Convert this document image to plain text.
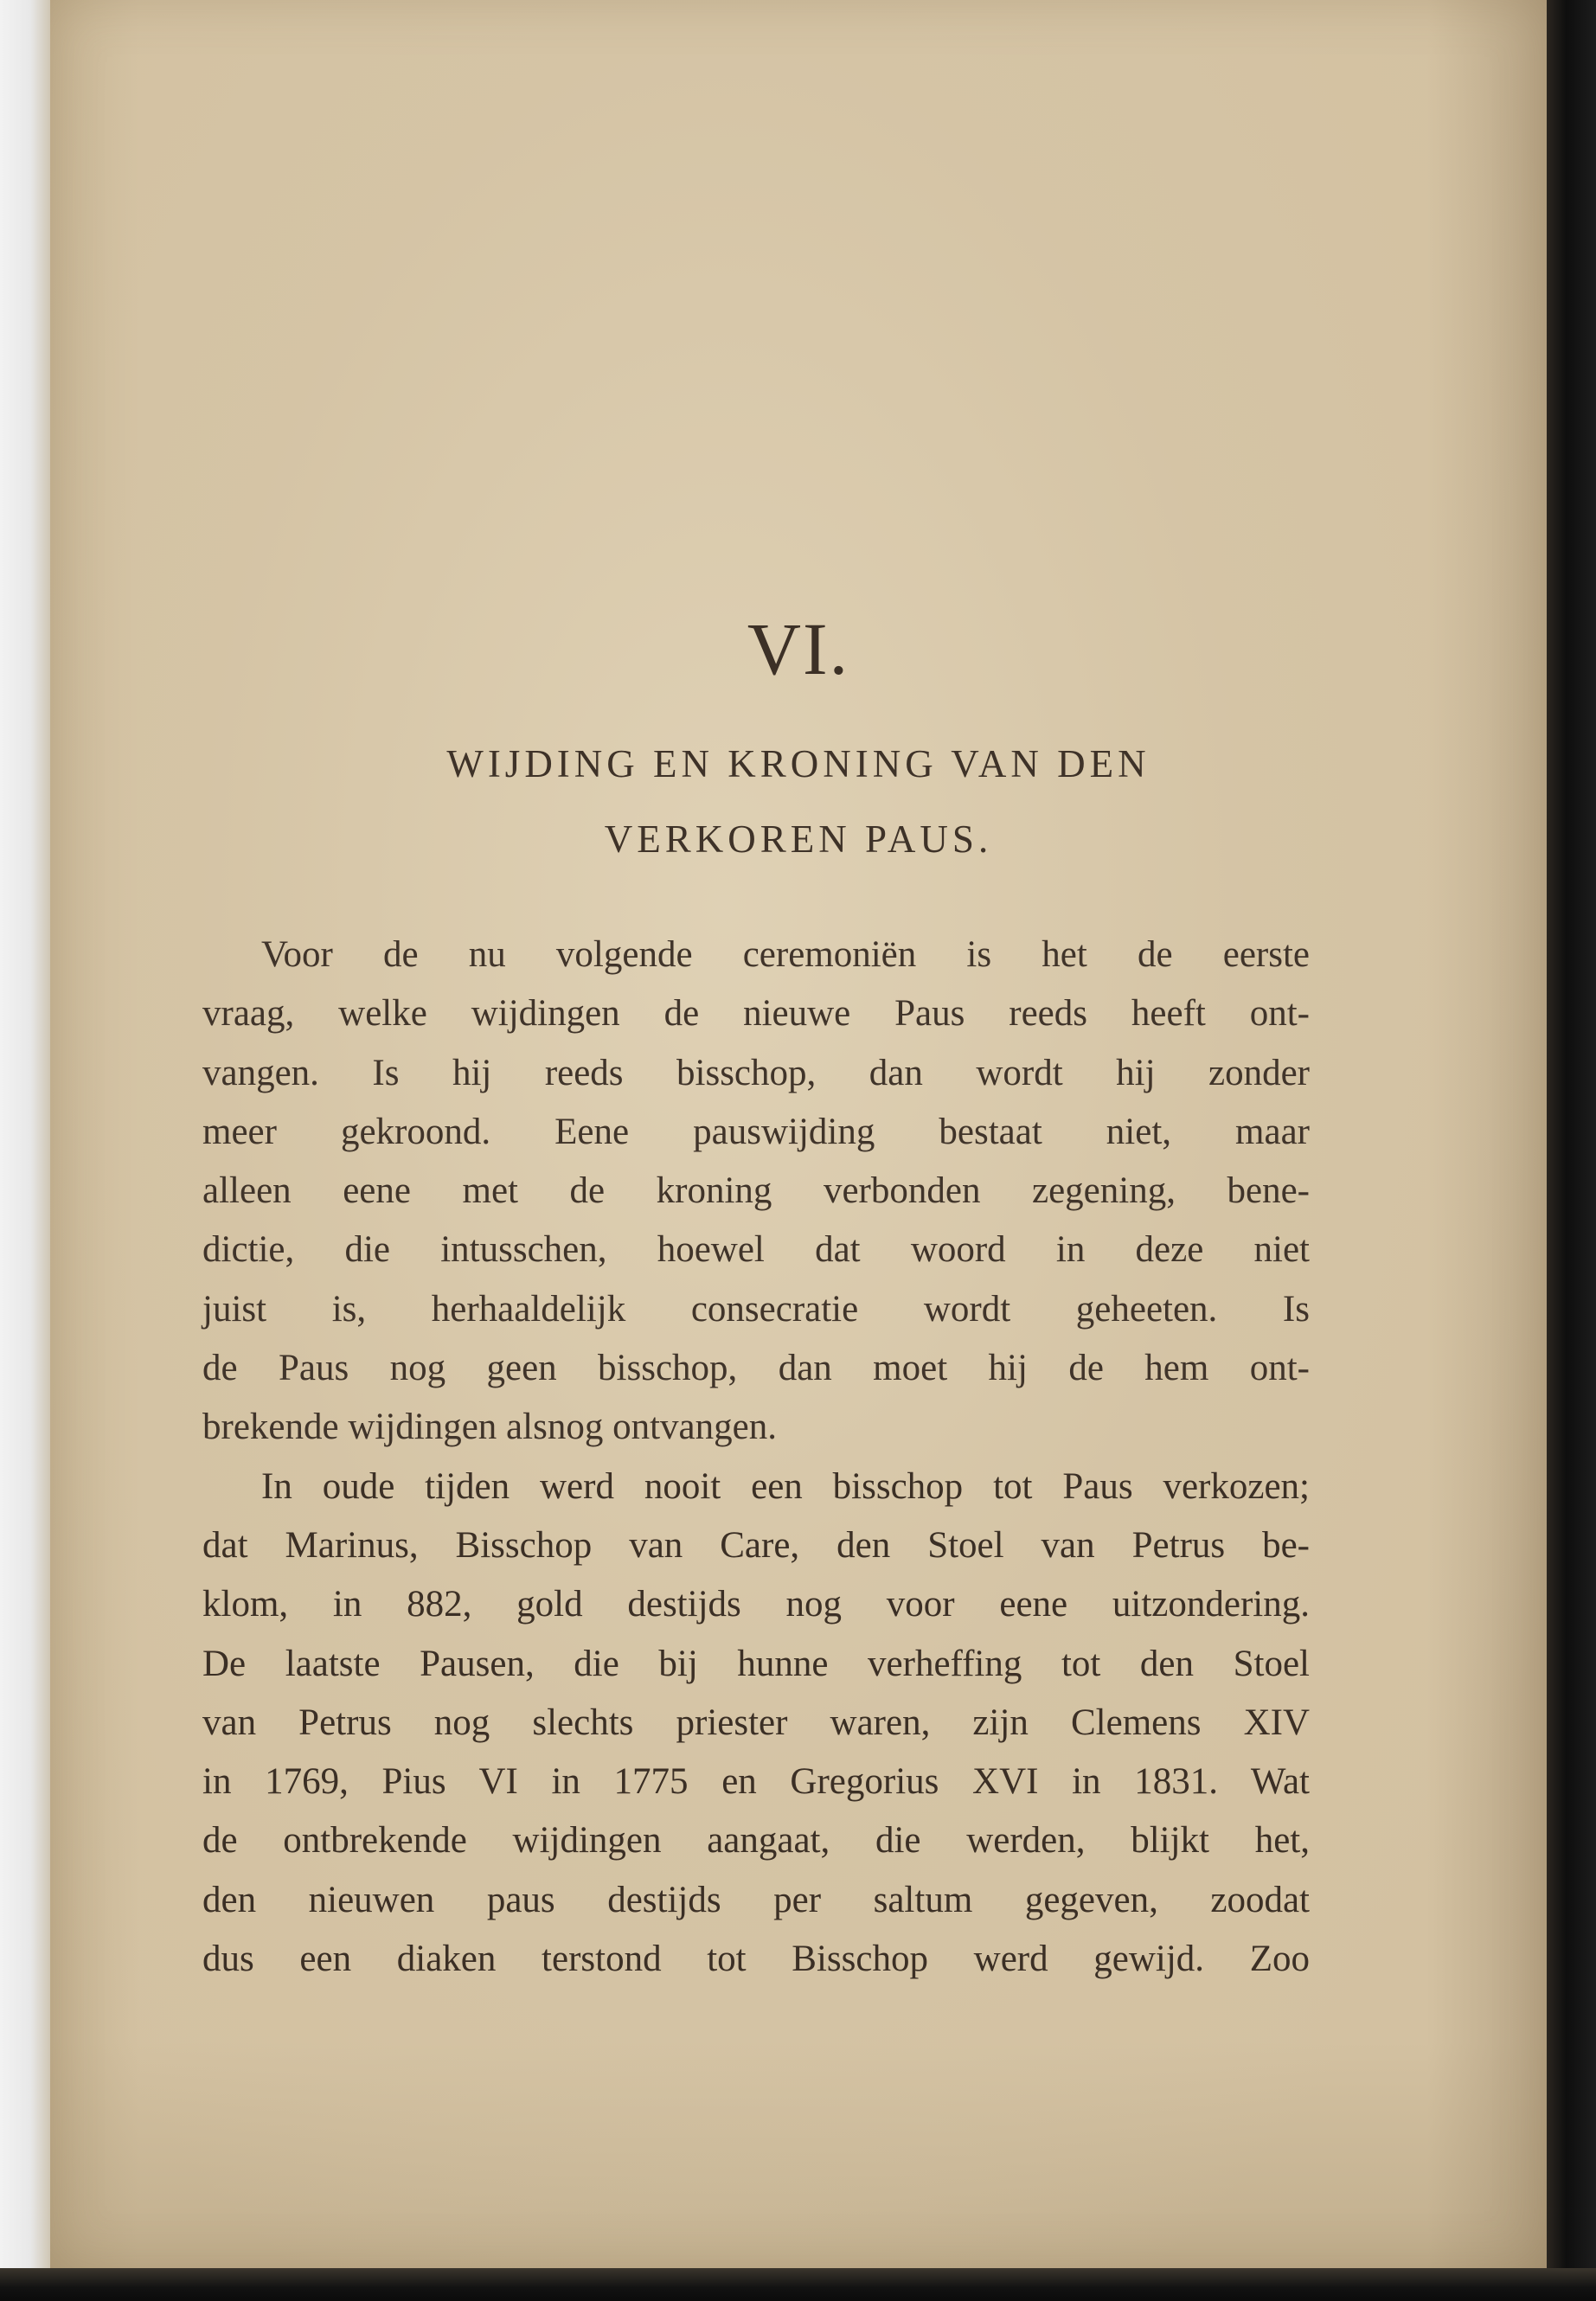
VI.
WIJDING EN KRONING VAN DEN
VERKOREN PAUS.
Voor de nu volgende ceremoniën is het de eerste
vraag, welke wijdingen de nieuwe Paus reeds heeft ont-
vangen. Is hij reeds bisschop, dan wordt hij zonder
meer gekroond. Eene pauswijding bestaat niet, maar
alleen eene met de kroning verbonden zegening, bene-
dictie, die intusschen, hoewel dat woord in deze niet
juist is, herhaaldelijk consecratie wordt geheeten. Is
de Paus nog geen bisschop, dan moet hij de hem ont-
brekende wijdingen alsnog ontvangen.
In oude tijden werd nooit een bisschop tot Paus verkozen;
dat Marinus, Bisschop van Care, den Stoel van Petrus be-
klom, in 882, gold destijds nog voor eene uitzondering.
De laatste Pausen, die bij hunne verheffing tot den Stoel
van Petrus nog slechts priester waren, zijn Clemens XIV
in 1769, Pius VI in 1775 en Gregorius XVI in 1831. Wat
de ontbrekende wijdingen aangaat, die werden, blijkt het,
den nieuwen paus destijds per saltum gegeven, zoodat
dus een diaken terstond tot Bisschop werd gewijd. Zoo
